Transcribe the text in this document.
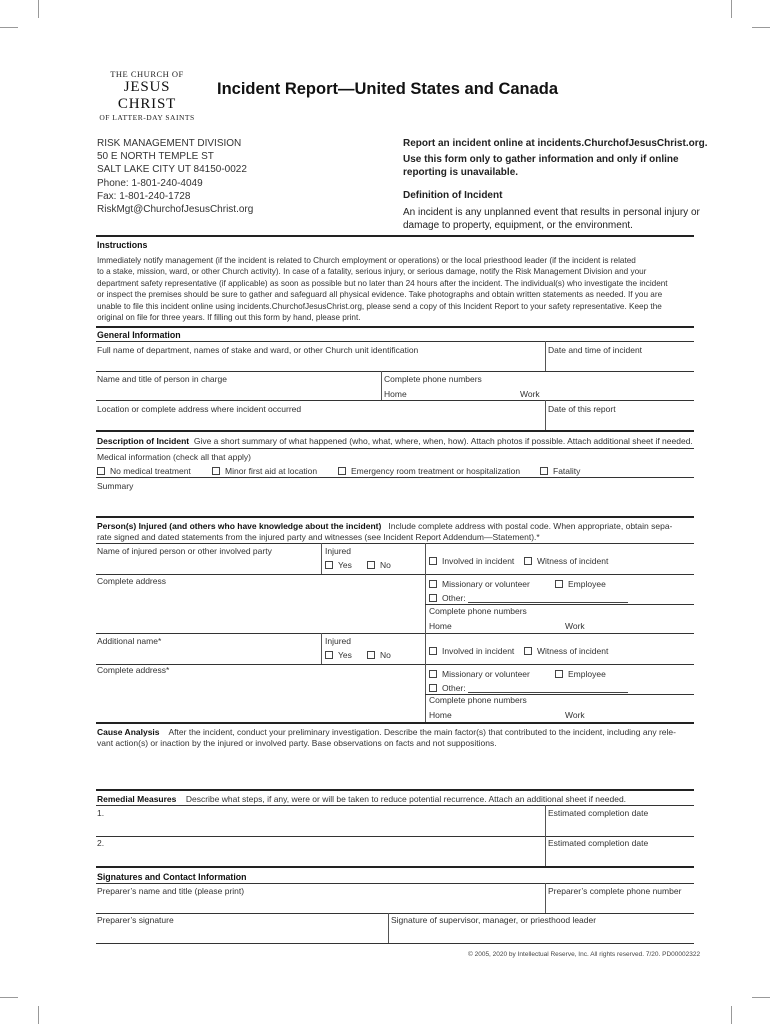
THE CHURCH OF
JESUS CHRIST
OF LATTER-DAY SAINTS
Incident Report—United States and Canada
RISK MANAGEMENT DIVISION
50 E NORTH TEMPLE ST
SALT LAKE CITY UT 84150-0022
Phone: 1-801-240-4049
Fax: 1-801-240-1728
RiskMgt@ChurchofJesusChrist.org
Report an incident online at incidents.ChurchofJesusChrist.org.
Use this form only to gather information and only if online
reporting is unavailable.
Definition of Incident
An incident is any unplanned event that results in personal injury or
damage to property, equipment, or the environment.
Instructions
Immediately notify management (if the incident is related to Church employment or operations) or the local priesthood leader (if the incident is related
to a stake, mission, ward, or other Church activity). In case of a fatality, serious injury, or serious damage, notify the Risk Management Division and your
department safety representative (if applicable) as soon as possible but no later than 24 hours after the incident. The individual(s) who investigate the incident
or inspect the premises should be sure to gather and safeguard all physical evidence. Take photographs and obtain written statements as needed. If you are
unable to file this incident online using incidents.ChurchofJesusChrist.org, please send a copy of this Incident Report to your safety representative. Keep the
original on file for three years. If filling out this form by hand, please print.
General Information
Full name of department, names of stake and ward, or other Church unit identification	Date and time of incident
Name and title of person in charge	Complete phone numbers
Home	Work
Location or complete address where incident occurred	Date of this report
Description of Incident Give a short summary of what happened (who, what, where, when, how). Attach photos if possible. Attach additional sheet if needed.
Medical information (check all that apply)
No medical treatment	Minor first aid at location	Emergency room treatment or hospitalization	Fatality
Summary
Person(s) Injured (and others who have knowledge about the incident) Include complete address with postal code. When appropriate, obtain sepa-
rate signed and dated statements from the injured party and witnesses (see Incident Report Addendum—Statement).*
Name of injured person or other involved party	Injured
Yes	No	Involved in incident	Witness of incident
Complete address	Missionary or volunteer	Employee
Other:
Complete phone numbers
Home	Work
Additional name*	Injured
Yes	No	Involved in incident	Witness of incident
Complete address*	Missionary or volunteer	Employee
Other:
Complete phone numbers
Home	Work
Cause Analysis After the incident, conduct your preliminary investigation. Describe the main factor(s) that contributed to the incident, including any rele-
vant action(s) or inaction by the injured or involved party. Base observations on facts and not suppositions.
Remedial Measures Describe what steps, if any, were or will be taken to reduce potential recurrence. Attach an additional sheet if needed.
1.	Estimated completion date
2.	Estimated completion date
Signatures and Contact Information
Preparer’s name and title (please print)	Preparer’s complete phone number
Preparer’s signature	Signature of supervisor, manager, or priesthood leader
© 2005, 2020 by Intellectual Reserve, Inc. All rights reserved. 7/20. PD00002322
